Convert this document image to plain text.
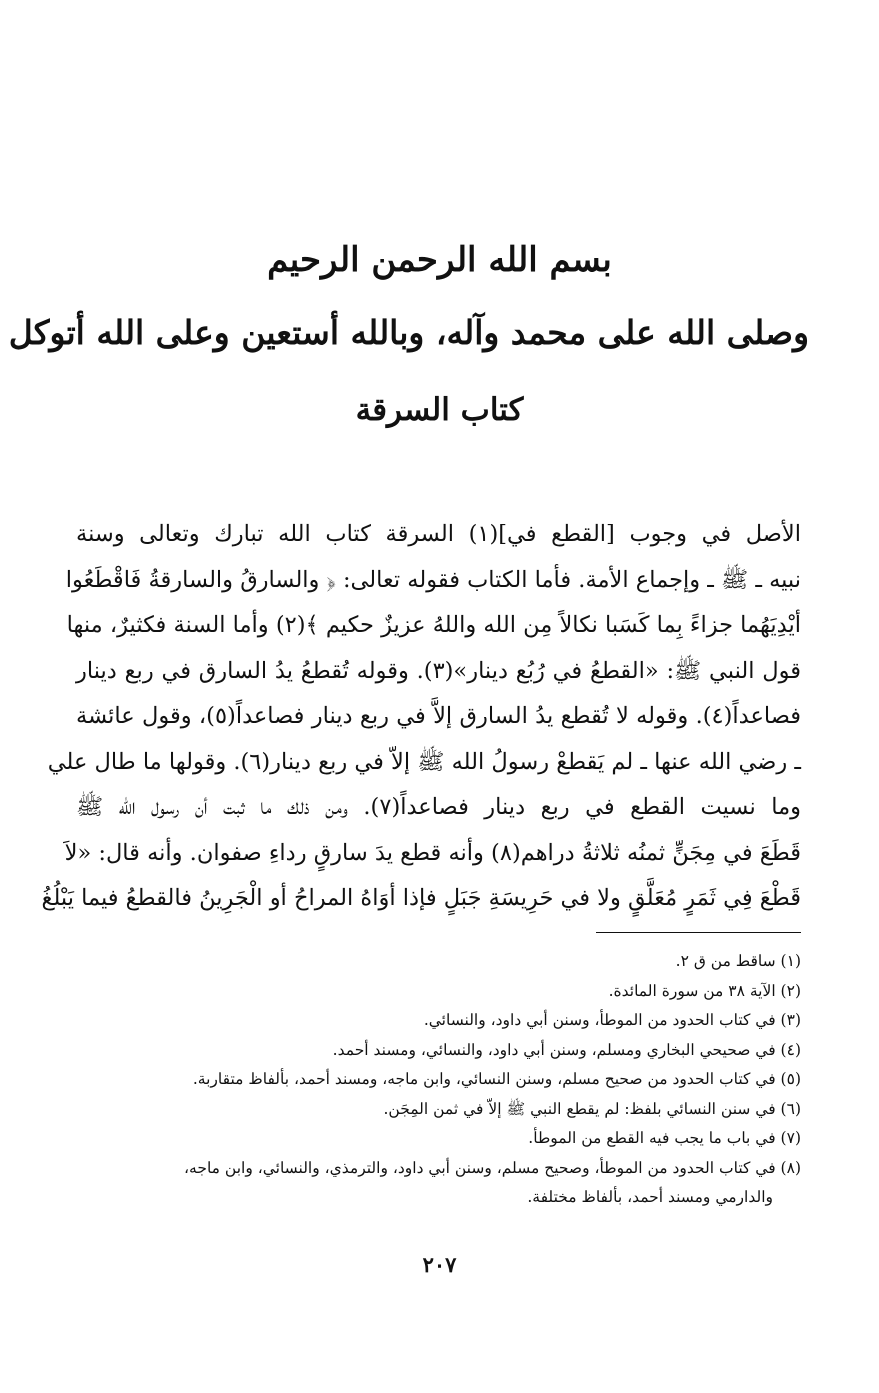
بسم الله الرحمن الرحيم
وصلى الله على محمد وآله، وبالله أستعين وعلى الله أتوكل
كتاب السرقة
الأصل في وجوب [القطع في](١) السرقة كتاب الله تبارك وتعالى وسنة
نبيه ـ ﷺ ـ وإجماع الأمة. فأما الكتاب فقوله تعالى: ﴿ والسارقُ والسارقةُ فَاقْطَعُوا
أيْدِيَهُما جزاءً بِما كَسَبا نكالاً مِن الله واللهُ عزيزٌ حكيم ﴾(٢) وأما السنة فكثيرٌ، منها
قول النبي ﷺ: «القطعُ في رُبُع دينار»(٣). وقوله تُقطعُ يدُ السارق في ربع دينار
فصاعداً(٤). وقوله لا تُقطع يدُ السارق إلاَّ في ربع دينار فصاعداً(٥)، وقول عائشة
ـ رضي الله عنها ـ لم يَقطعْ رسولُ الله ﷺ إلاّ في ربع دينار(٦). وقولها ما طال علي
وما نسيت القطع في ربع دينار فصاعداً(٧). ومن ذلك ما ثبت أن رسول الله ﷺ
قَطَعَ في مِجَنٍّ ثمنُه ثلاثةُ دراهم(٨) وأنه قطع يدَ سارقٍ رداءِ صفوان. وأنه قال: «لاَ
قَطْعَ فِي ثَمَرٍ مُعَلَّقٍ ولا في حَرِيسَةِ جَبَلٍ فإذا أوَاهُ المراحُ أو الْجَرِينُ فالقطعُ فيما يَبْلُغُ
(١) ساقط من ق ٢.
(٢) الآية ٣٨ من سورة المائدة.
(٣) في كتاب الحدود من الموطأ، وسنن أبي داود، والنسائي.
(٤) في صحيحي البخاري ومسلم، وسنن أبي داود، والنسائي، ومسند أحمد.
(٥) في كتاب الحدود من صحيح مسلم، وسنن النسائي، وابن ماجه، ومسند أحمد، بألفاظ متقاربة.
(٦) في سنن النسائي بلفظ: لم يقطع النبي ﷺ إلاّ في ثمن المِجَن.
(٧) في باب ما يجب فيه القطع من الموطأ.
(٨) في كتاب الحدود من الموطأ، وصحيح مسلم، وسنن أبي داود، والترمذي، والنسائي، وابن ماجه،
والدارمي ومسند أحمد، بألفاظ مختلفة.
٢٠٧
